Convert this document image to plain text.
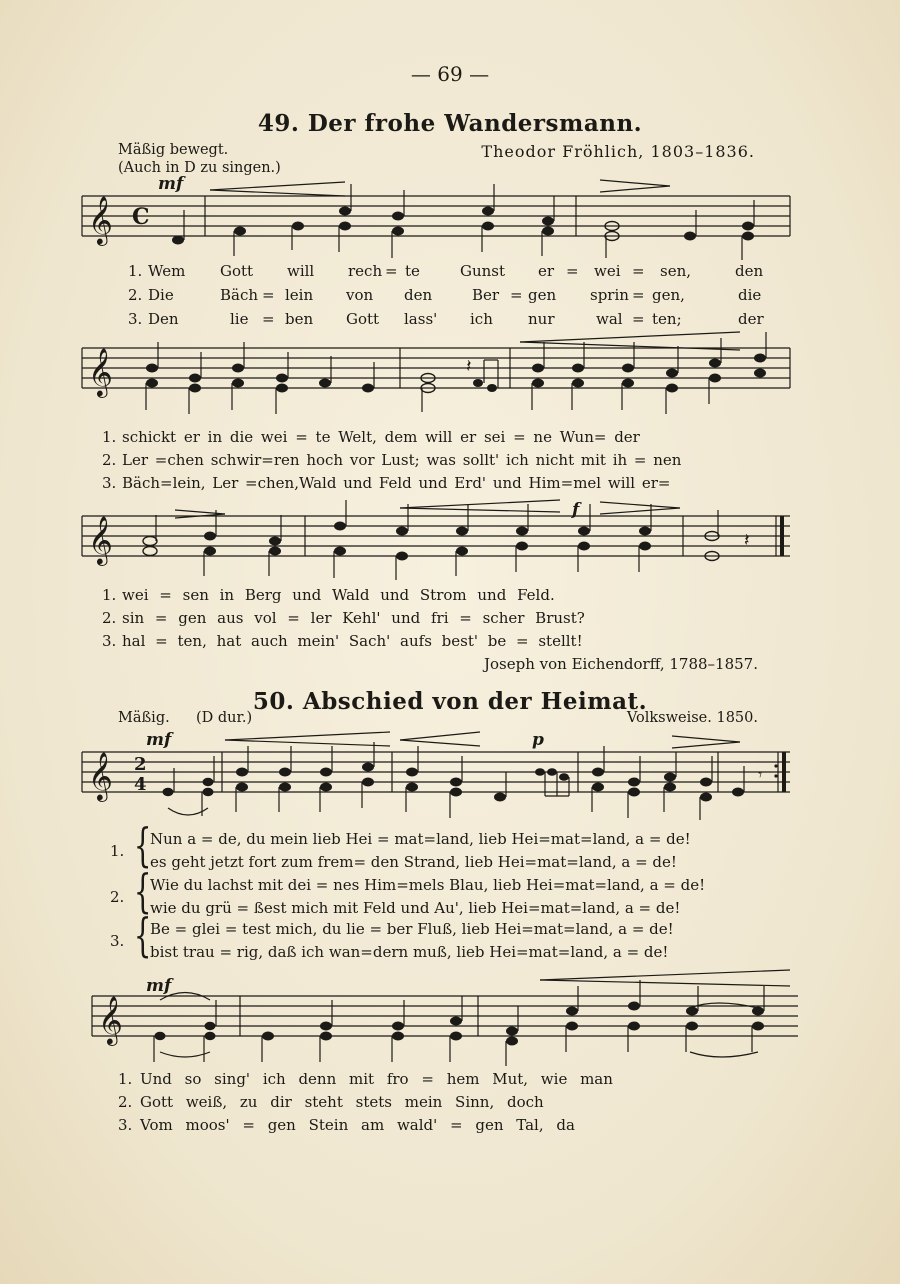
— 69 —
49. Der frohe Wandersmann.
Mäßig bewegt.
(Auch in D zu singen.)
Theodor Fröhlich, 1803–1836.
mf
𝄞 C
1. Wem Gott will rech = te	Gunst er = wei = sen,	den
2. Die	Bäch = lein von den	Ber = gen sprin = gen,	die
3. Den	lie = ben Gott lass' ich nur	wal = ten;	der
𝄞	𝄽
1. schickt er in die wei = te Welt, dem will er sei = ne Wun= der
2. Ler =chen schwir=ren hoch vor Lust; was sollt' ich nicht mit ih = nen
3. Bäch=lein, Ler =chen,Wald und Feld und Erd' und Him=mel will er=
f
𝄞	𝄽
1. wei = sen in Berg und Wald und Strom und Feld.
2. sin = gen aus vol = ler Kehl' und fri = scher Brust?
3. hal = ten, hat auch mein' Sach' aufs best' be = stellt!
Joseph von Eichendorff, 1788–1857.
50. Abschied von der Heimat.
Mäßig. (D dur.)	Volksweise. 1850.
mf	p
𝄞 2
4	𝄾
1. {
Nun a = de, du mein lieb Hei = mat=land, lieb Hei=mat=land, a = de!
es geht jetzt fort zum frem= den Strand, lieb Hei=mat=land, a = de!
2. {
Wie du lachst mit dei = nes Him=mels Blau, lieb Hei=mat=land, a = de!
wie du grü = ßest mich mit Feld und Au', lieb Hei=mat=land, a = de!
3. {
Be = glei = test mich, du lie = ber Fluß, lieb Hei=mat=land, a = de!
bist trau = rig, daß ich wan=dern muß, lieb Hei=mat=land, a = de!
mf
𝄞
1. Und so sing' ich denn mit fro = hem Mut, wie man
2. Gott weiß, zu dir steht stets mein Sinn, doch
3. Vom moos' = gen Stein am wald' = gen Tal, da
